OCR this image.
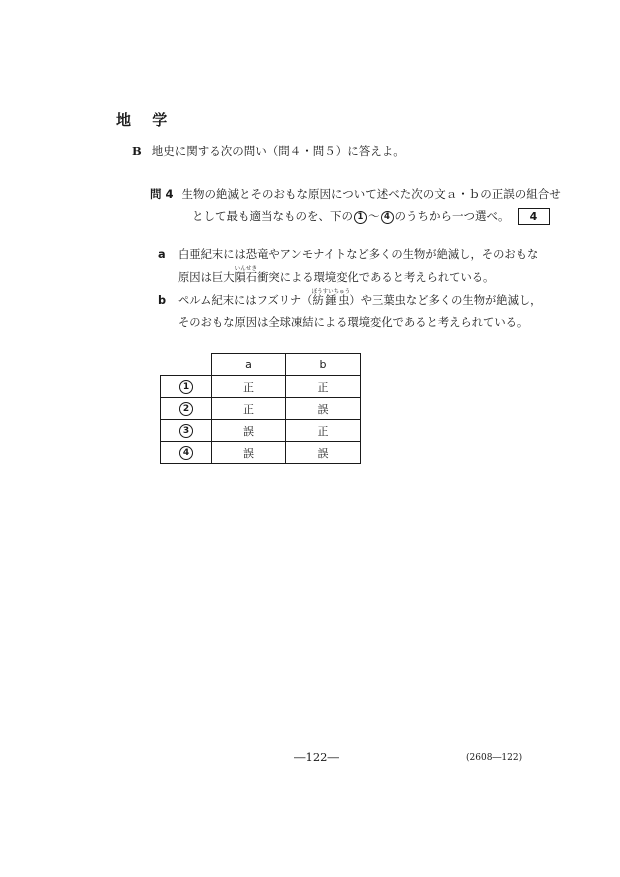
地 学
B 地史に関する次の問い（問４・問５）に答えよ。
問 4 生物の絶滅とそのおもな原因について述べた次の文ａ・ｂの正誤の組合せ
として最も適当なものを、下の 1 ～ 4 のうちから一つ選べ。 4
a 白亜紀末には恐竜やアンモナイトなど多くの生物が絶滅し，そのおもな
原因は巨大隕石いんせき衝突による環境変化であると考えられている。
b ペルム紀末にはフズリナ（紡錘虫ぼうすいちゅう）や三葉虫など多くの生物が絶滅し，
そのおもな原因は全球凍結による環境変化であると考えられている。
	a	b
1	正	正
2	正	誤
3	誤	正
4	誤	誤
―122―	(2608―122)
